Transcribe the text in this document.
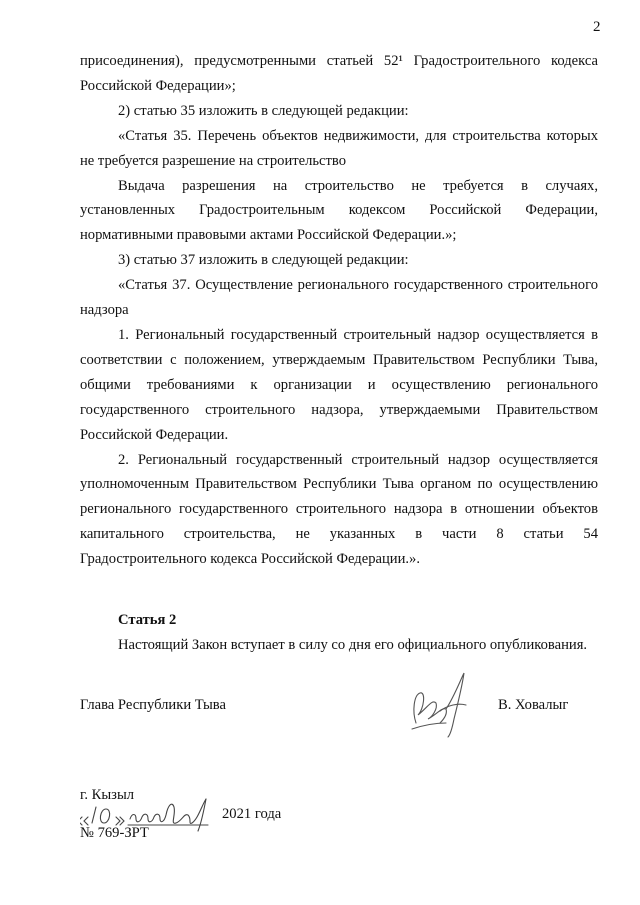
2

присоединения), предусмотренными статьей 52¹ Градостроительного кодекса Российской Федерации»;

2) статью 35 изложить в следующей редакции:

«Статья 35. Перечень объектов недвижимости, для строительства которых не требуется разрешение на строительство

Выдача разрешения на строительство не требуется в случаях, установленных Градостроительным кодексом Российской Федерации, нормативными правовыми актами Российской Федерации.»;

3) статью 37 изложить в следующей редакции:

«Статья 37. Осуществление регионального государственного строительного надзора

1. Региональный государственный строительный надзор осуществляется в соответствии с положением, утверждаемым Правительством Республики Тыва, общими требованиями к организации и осуществлению регионального государственного строительного надзора, утверждаемыми Правительством Российской Федерации.

2. Региональный государственный строительный надзор осуществляется уполномоченным Правительством Республики Тыва органом по осуществлению регионального государственного строительного надзора в отношении объектов капитального строительства, не указанных в части 8 статьи 54 Градостроительного кодекса Российской Федерации.».

Статья 2

Настоящий Закон вступает в силу со дня его официального опубликования.

Глава Республики Тыва	В. Ховалыг
г. Кызыл
2021 года
№ 769-ЗРТ
